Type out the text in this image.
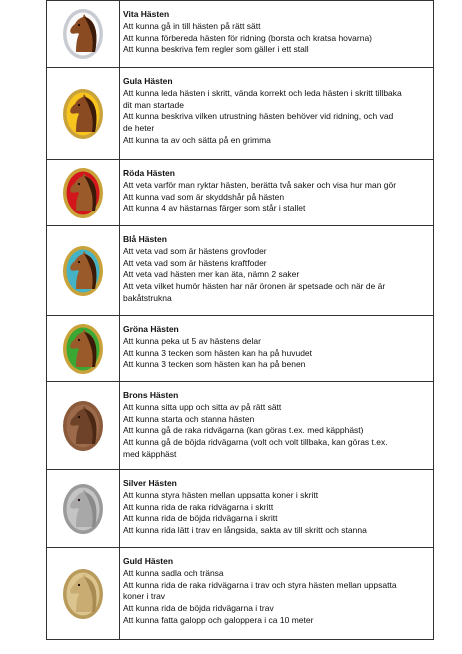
Vita Hästen
Att kunna gå in till hästen på rätt sätt
Att kunna förbereda hästen för ridning (borsta och kratsa hovarna)
Att kunna beskriva fem regler som gäller i ett stall
Gula Hästen
Att kunna leda hästen i skritt, vända korrekt och leda hästen i skritt tillbaka
dit man startade
Att kunna beskriva vilken utrustning hästen behöver vid ridning, och vad
de heter
Att kunna ta av och sätta på en grimma
Röda Hästen
Att veta varför man ryktar hästen, berätta två saker och visa hur man gör
Att kunna vad som är skyddshår på hästen
Att kunna 4 av hästarnas färger som står i stallet
Blå Hästen
Att veta vad som är hästens grovfoder
Att veta vad som är hästens kraftfoder
Att veta vad hästen mer kan äta, nämn 2 saker
Att veta vilket humör hästen har när öronen är spetsade och när de är
bakåtstrukna
Gröna Hästen
Att kunna peka ut 5 av hästens delar
Att kunna 3 tecken som hästen kan ha på huvudet
Att kunna 3 tecken som hästen kan ha på benen
Brons Hästen
Att kunna sitta upp och sitta av på rätt sätt
Att kunna starta och stanna hästen
Att kunna gå de raka ridvägarna (kan göras t.ex. med käpphäst)
Att kunna gå de böjda ridvägarna (volt och volt tillbaka, kan göras t.ex.
med käpphäst
Silver Hästen
Att kunna styra hästen mellan uppsatta koner i skritt
Att kunna rida de raka ridvägarna i skritt
Att kunna rida de böjda ridvägarna i skritt
Att kunna rida lätt i trav en långsida, sakta av till skritt och stanna
Guld Hästen
Att kunna sadla och tränsa
Att kunna rida de raka ridvägarna i trav och styra hästen mellan uppsatta
koner i trav
Att kunna rida de böjda ridvägarna i trav
Att kunna fatta galopp och galoppera i ca 10 meter
